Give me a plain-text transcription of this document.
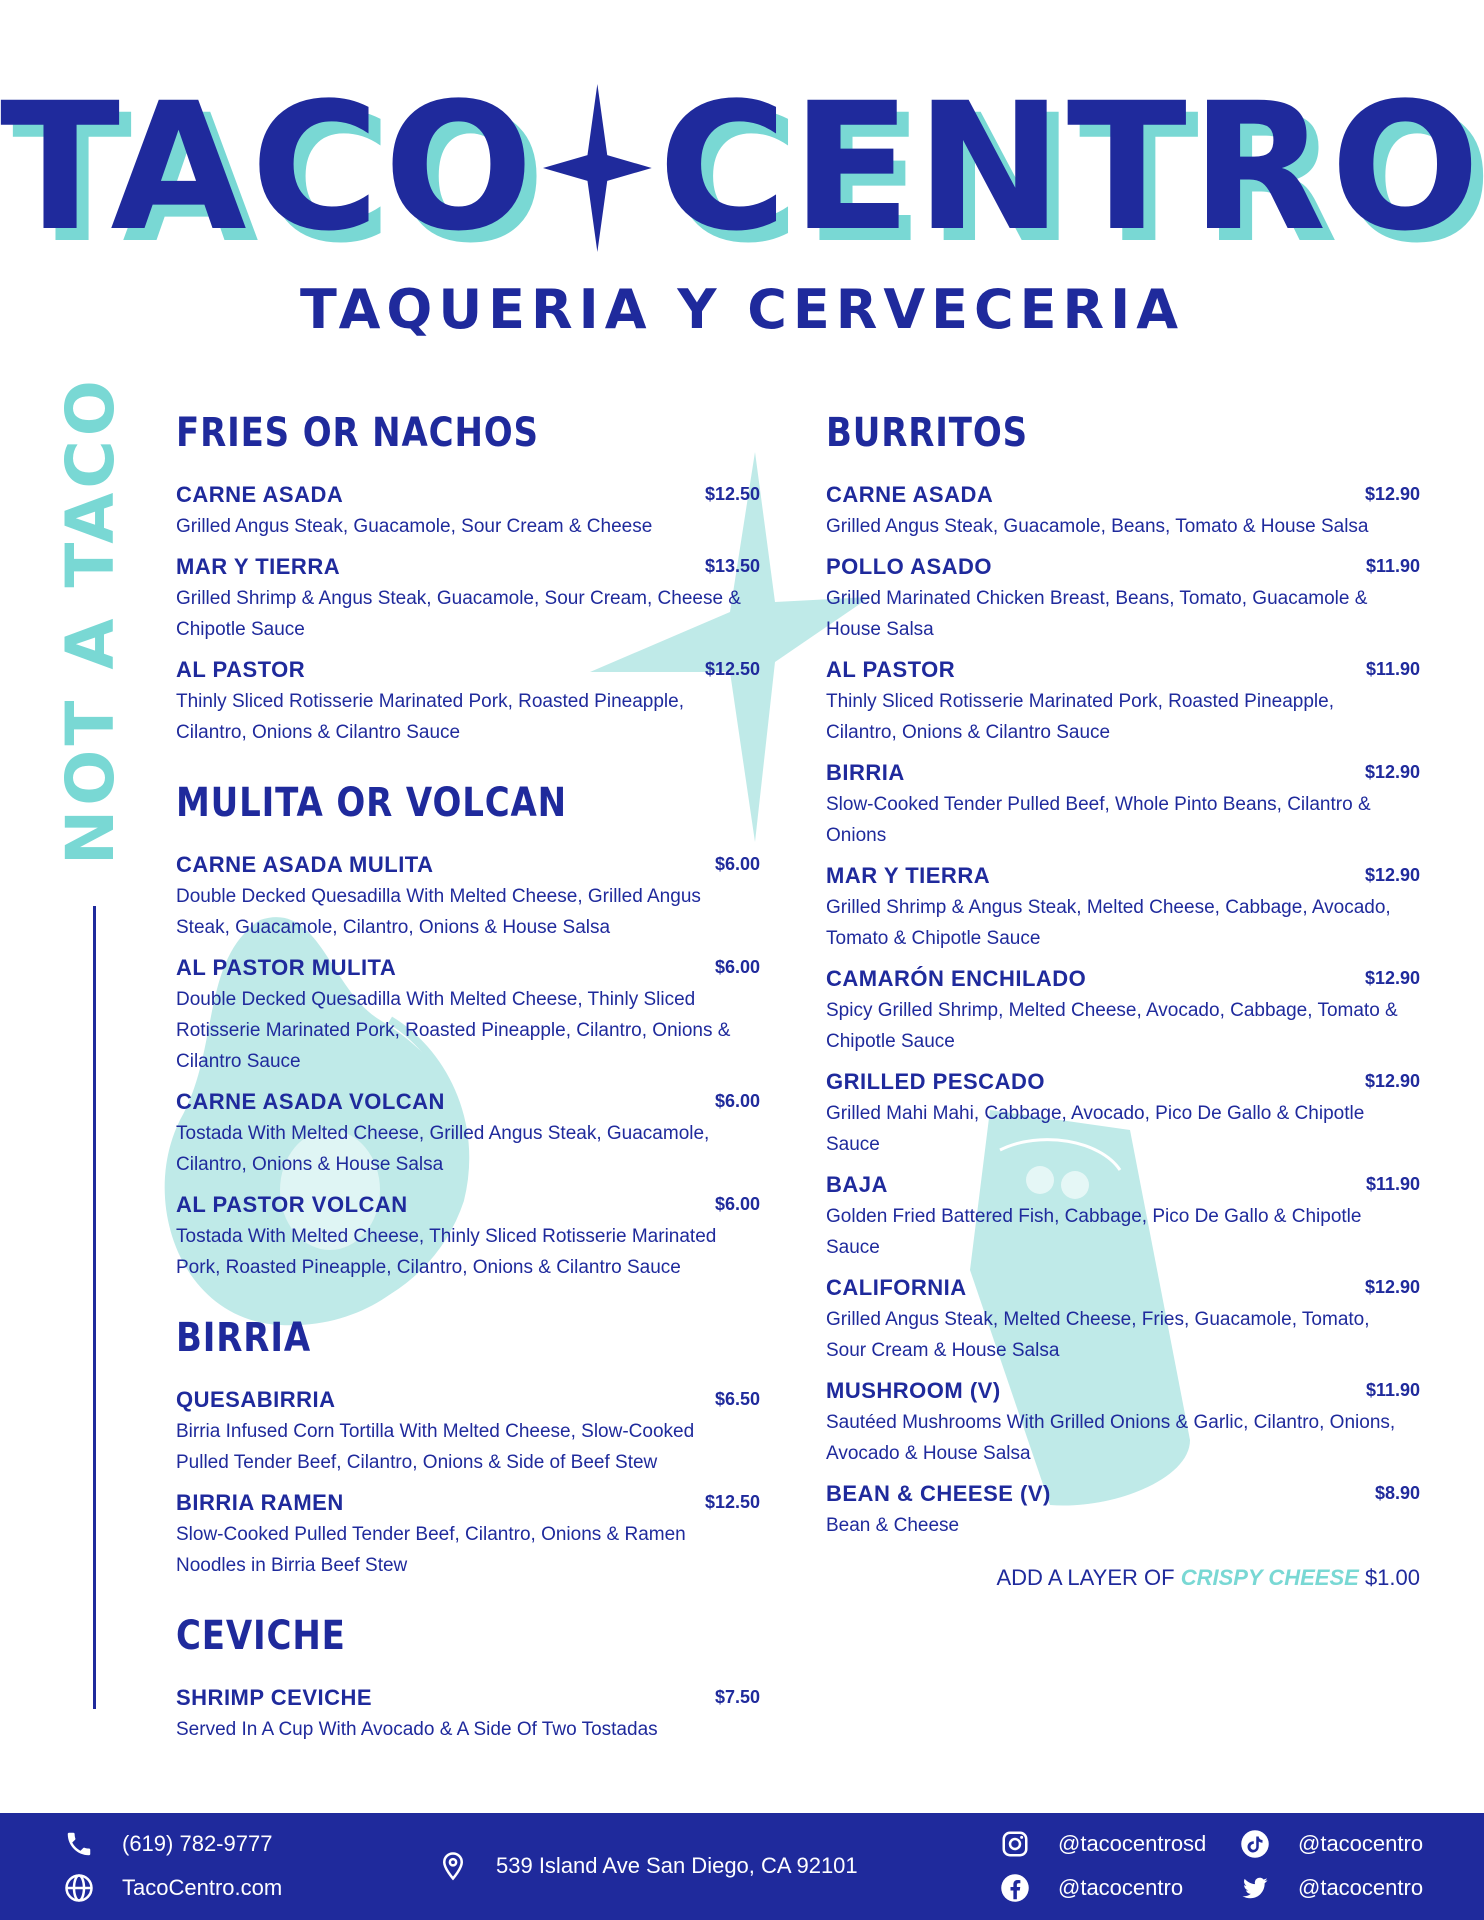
TACO CENTRO
TAQUERIA Y CERVECERIA
NOT A TACO FRIES OR NACHOS
CARNE ASADA	$12.50
Grilled Angus Steak, Guacamole, Sour Cream & Cheese
MAR Y TIERRA	$13.50
Grilled Shrimp & Angus Steak, Guacamole, Sour Cream, Cheese & Chipotle Sauce
AL PASTOR	$12.50
Thinly Sliced Rotisserie Marinated Pork, Roasted Pineapple, Cilantro, Onions & Cilantro Sauce
MULITA OR VOLCAN
CARNE ASADA MULITA	$6.00
Double Decked Quesadilla With Melted Cheese, Grilled Angus Steak, Guacamole, Cilantro, Onions & House Salsa
AL PASTOR MULITA	$6.00
Double Decked Quesadilla With Melted Cheese, Thinly Sliced Rotisserie Marinated Pork, Roasted Pineapple, Cilantro, Onions & Cilantro Sauce
CARNE ASADA VOLCAN	$6.00
Tostada With Melted Cheese, Grilled Angus Steak, Guacamole, Cilantro, Onions & House Salsa
AL PASTOR VOLCAN	$6.00
Tostada With Melted Cheese, Thinly Sliced Rotisserie Marinated Pork, Roasted Pineapple, Cilantro, Onions & Cilantro Sauce
BIRRIA
QUESABIRRIA	$6.50
Birria Infused Corn Tortilla With Melted Cheese, Slow-Cooked Pulled Tender Beef, Cilantro, Onions & Side of Beef Stew
BIRRIA RAMEN	$12.50
Slow-Cooked Pulled Tender Beef, Cilantro, Onions & Ramen Noodles in Birria Beef Stew
CEVICHE
SHRIMP CEVICHE	$7.50
Served In A Cup With Avocado & A Side Of Two Tostadas
BURRITOS
CARNE ASADA	$12.90
Grilled Angus Steak, Guacamole, Beans, Tomato & House Salsa
POLLO ASADO	$11.90
Grilled Marinated Chicken Breast, Beans, Tomato, Guacamole & House Salsa
AL PASTOR	$11.90
Thinly Sliced Rotisserie Marinated Pork, Roasted Pineapple, Cilantro, Onions & Cilantro Sauce
BIRRIA	$12.90
Slow-Cooked Tender Pulled Beef, Whole Pinto Beans, Cilantro & Onions
MAR Y TIERRA	$12.90
Grilled Shrimp & Angus Steak, Melted Cheese, Cabbage, Avocado, Tomato & Chipotle Sauce
CAMARÓN ENCHILADO	$12.90
Spicy Grilled Shrimp, Melted Cheese, Avocado, Cabbage, Tomato & Chipotle Sauce
GRILLED PESCADO	$12.90
Grilled Mahi Mahi, Cabbage, Avocado, Pico De Gallo & Chipotle Sauce
BAJA	$11.90
Golden Fried Battered Fish, Cabbage, Pico De Gallo & Chipotle Sauce
CALIFORNIA	$12.90
Grilled Angus Steak, Melted Cheese, Fries, Guacamole, Tomato, Sour Cream & House Salsa
MUSHROOM (V)	$11.90
Sautéed Mushrooms With Grilled Onions & Garlic, Cilantro, Onions, Avocado & House Salsa
BEAN & CHEESE (V)	$8.90
Bean & Cheese
ADD A LAYER OF CRISPY CHEESE $1.00
(619) 782-9777
TacoCentro.com
539 Island Ave San Diego, CA 92101
@tacocentrosd
@tacocentro
@tacocentro
@tacocentro
